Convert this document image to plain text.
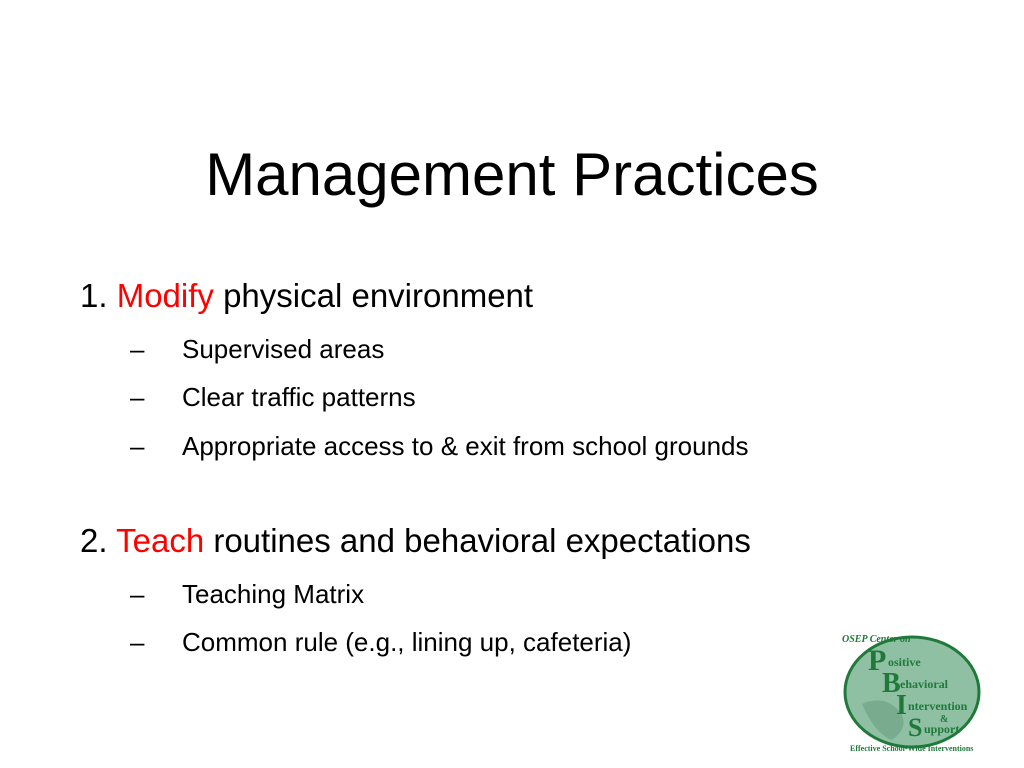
Management Practices
1. Modify physical environment
– Supervised areas
– Clear traffic patterns
– Appropriate access to & exit from school grounds
2. Teach routines and behavioral expectations
– Teaching Matrix
– Common rule (e.g., lining up, cafeteria)	OSEP Center on
P ositive
B ehavioral
I ntervention
&
S upport
Effective School-Wide Interventions
